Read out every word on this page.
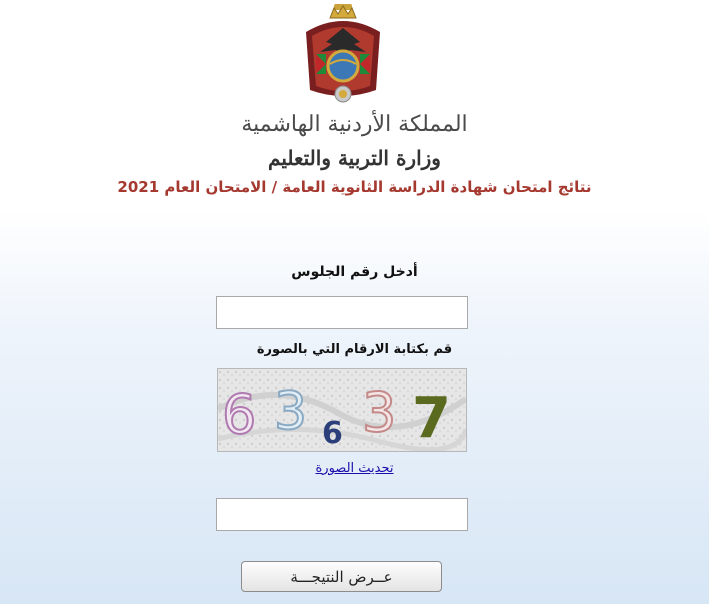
المملكة الأردنية الهاشمية
وزارة التربية والتعليم
نتائج امتحان شهادة الدراسة الثانوية العامة / الامتحان العام 2021
أدخل رقم الجلوس
قم بكتابة الارقام التي بالصورة
6 3 6 3 7
تحديث الصورة
عــرض النتيجـــة
